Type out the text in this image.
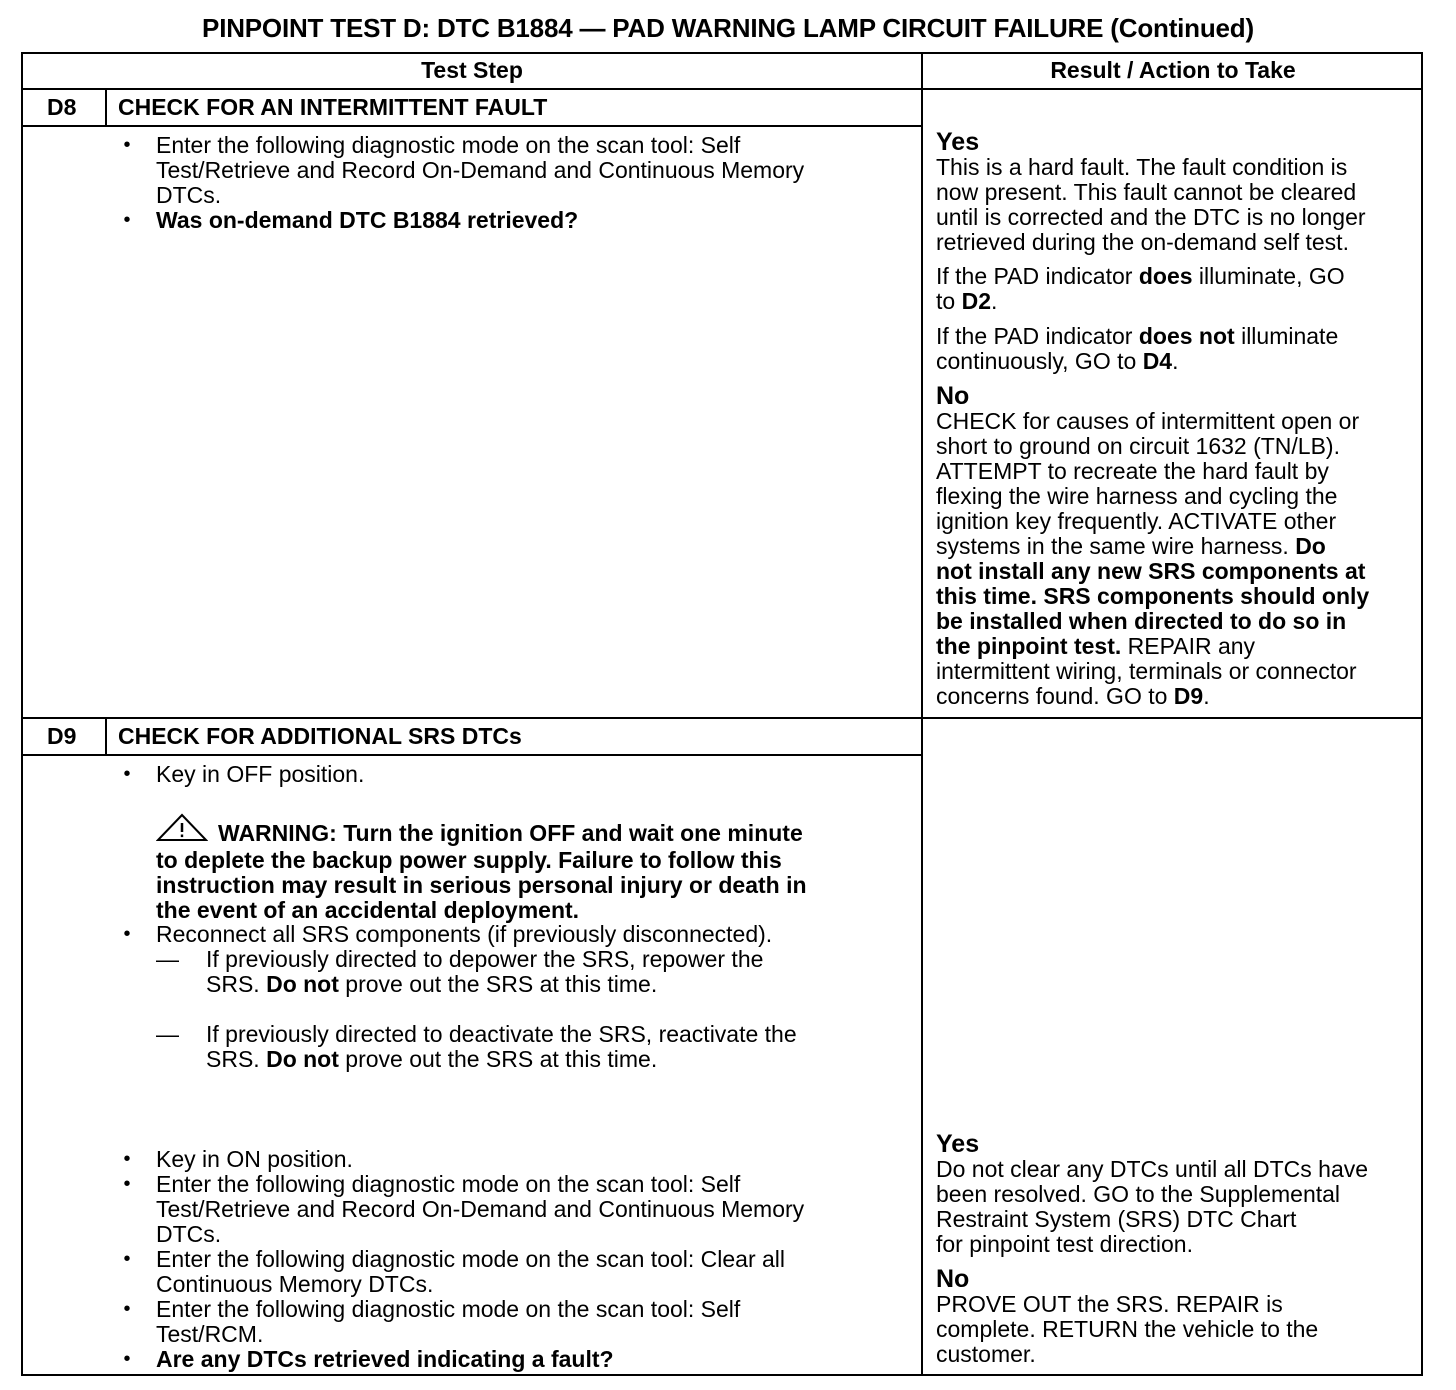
PINPOINT TEST D: DTC B1884 — PAD WARNING LAMP CIRCUIT FAILURE (Continued)
Test Step	Result / Action to Take
D8 CHECK FOR AN INTERMITTENT FAULT
• Enter the following diagnostic mode on the scan tool: Self
Test/Retrieve and Record On-Demand and Continuous Memory
DTCs.
• Was on-demand DTC B1884 retrieved?
Yes
This is a hard fault. The fault condition is
now present. This fault cannot be cleared
until is corrected and the DTC is no longer
retrieved during the on-demand self test.
If the PAD indicator does illuminate, GO
to D2.
If the PAD indicator does not illuminate
continuously, GO to D4.
No
CHECK for causes of intermittent open or
short to ground on circuit 1632 (TN/LB).
ATTEMPT to recreate the hard fault by
flexing the wire harness and cycling the
ignition key frequently. ACTIVATE other
systems in the same wire harness. Do
not install any new SRS components at
this time. SRS components should only
be installed when directed to do so in
the pinpoint test. REPAIR any
intermittent wiring, terminals or connector
concerns found. GO to D9.
D9 CHECK FOR ADDITIONAL SRS DTCs
• Key in OFF position.
WARNING: Turn the ignition OFF and wait one minute
to deplete the backup power supply. Failure to follow this
instruction may result in serious personal injury or death in
the event of an accidental deployment.
• Reconnect all SRS components (if previously disconnected).
— If previously directed to depower the SRS, repower the
SRS. Do not prove out the SRS at this time.
— If previously directed to deactivate the SRS, reactivate the
SRS. Do not prove out the SRS at this time.
• Key in ON position.
• Enter the following diagnostic mode on the scan tool: Self
Test/Retrieve and Record On-Demand and Continuous Memory
DTCs.
• Enter the following diagnostic mode on the scan tool: Clear all
Continuous Memory DTCs.
• Enter the following diagnostic mode on the scan tool: Self
Test/RCM.
• Are any DTCs retrieved indicating a fault?
Yes
Do not clear any DTCs until all DTCs have
been resolved. GO to the Supplemental
Restraint System (SRS) DTC Chart
for pinpoint test direction.
No
PROVE OUT the SRS. REPAIR is
complete. RETURN the vehicle to the
customer.
